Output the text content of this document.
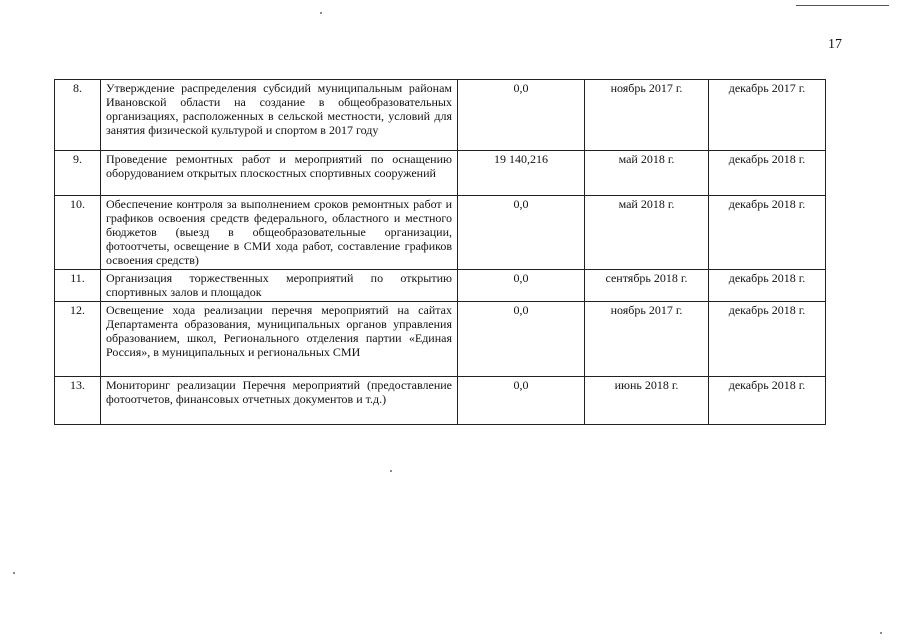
17
8.	Утверждение распределения субсидий муниципальным районам Ивановской области на создание в общеобразовательных организациях, расположенных в сельской местности, условий для занятия физической культурой и спортом в 2017 году	0,0	ноябрь 2017 г.	декабрь 2017 г.
9.	Проведение ремонтных работ и мероприятий по оснащению оборудованием открытых плоскостных спортивных сооружений	19 140,216	май 2018 г.	декабрь 2018 г.
10.	Обеспечение контроля за выполнением сроков ремонтных работ и графиков освоения средств федерального, областного и местного бюджетов (выезд в общеобразовательные организации, фотоотчеты, освещение в СМИ хода работ, составление графиков освоения средств)	0,0	май 2018 г.	декабрь 2018 г.
11.	Организация торжественных мероприятий по открытию спортивных залов и площадок	0,0	сентябрь 2018 г.	декабрь 2018 г.
12.	Освещение хода реализации перечня мероприятий на сайтах Департамента образования, муниципальных органов управления образованием, школ, Регионального отделения партии «Единая Россия», в муниципальных и региональных СМИ	0,0	ноябрь 2017 г.	декабрь 2018 г.
13.	Мониторинг реализации Перечня мероприятий (предоставление фотоотчетов, финансовых отчетных документов и т.д.)	0,0	июнь 2018 г.	декабрь 2018 г.
